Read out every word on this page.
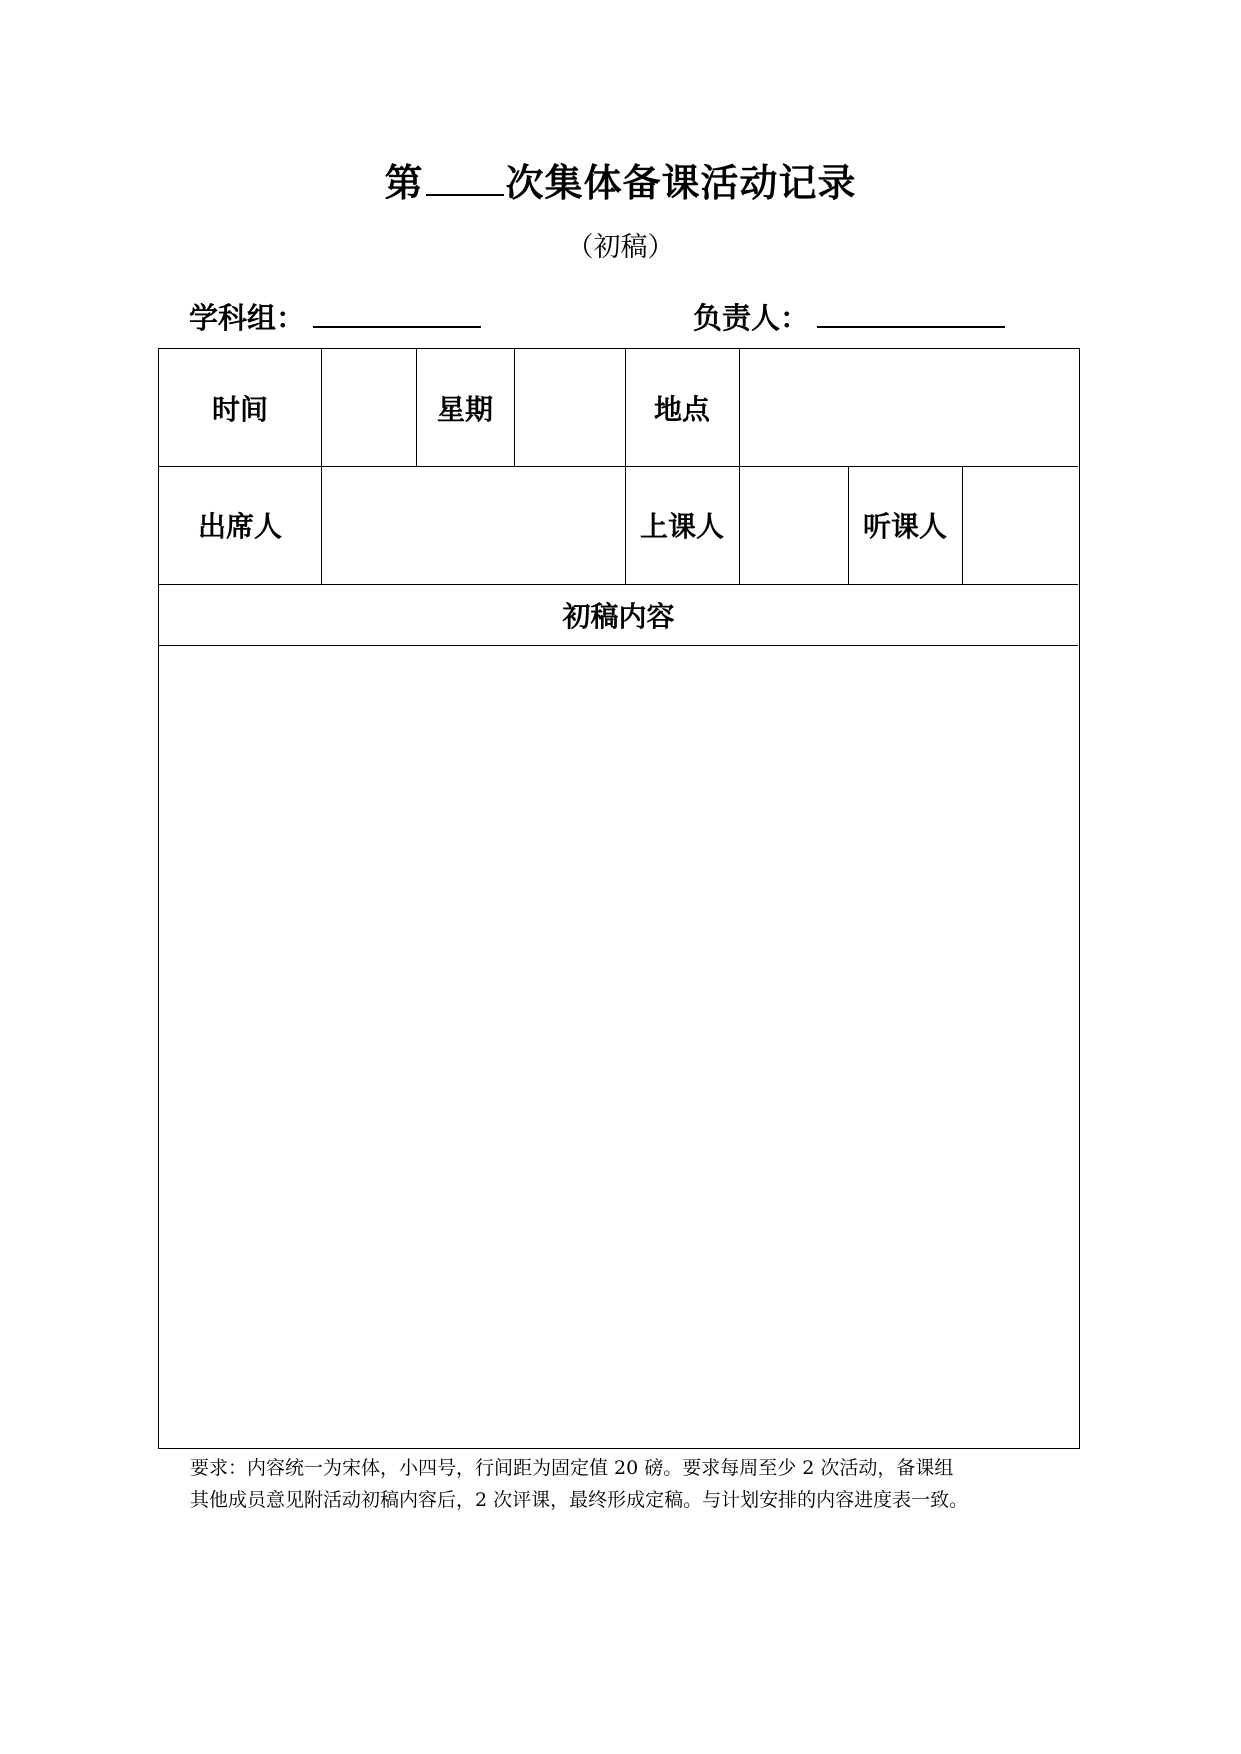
第 次集体备课活动记录
（初稿）
学科组：	负责人：
时间	星期	地点
出席人	上课人	听课人
初稿内容
要求：内容统一为宋体，小四号，行间距为固定值 20 磅。要求每周至少 2 次活动，备课组
其他成员意见附活动初稿内容后，2 次评课，最终形成定稿。与计划安排的内容进度表一致。
